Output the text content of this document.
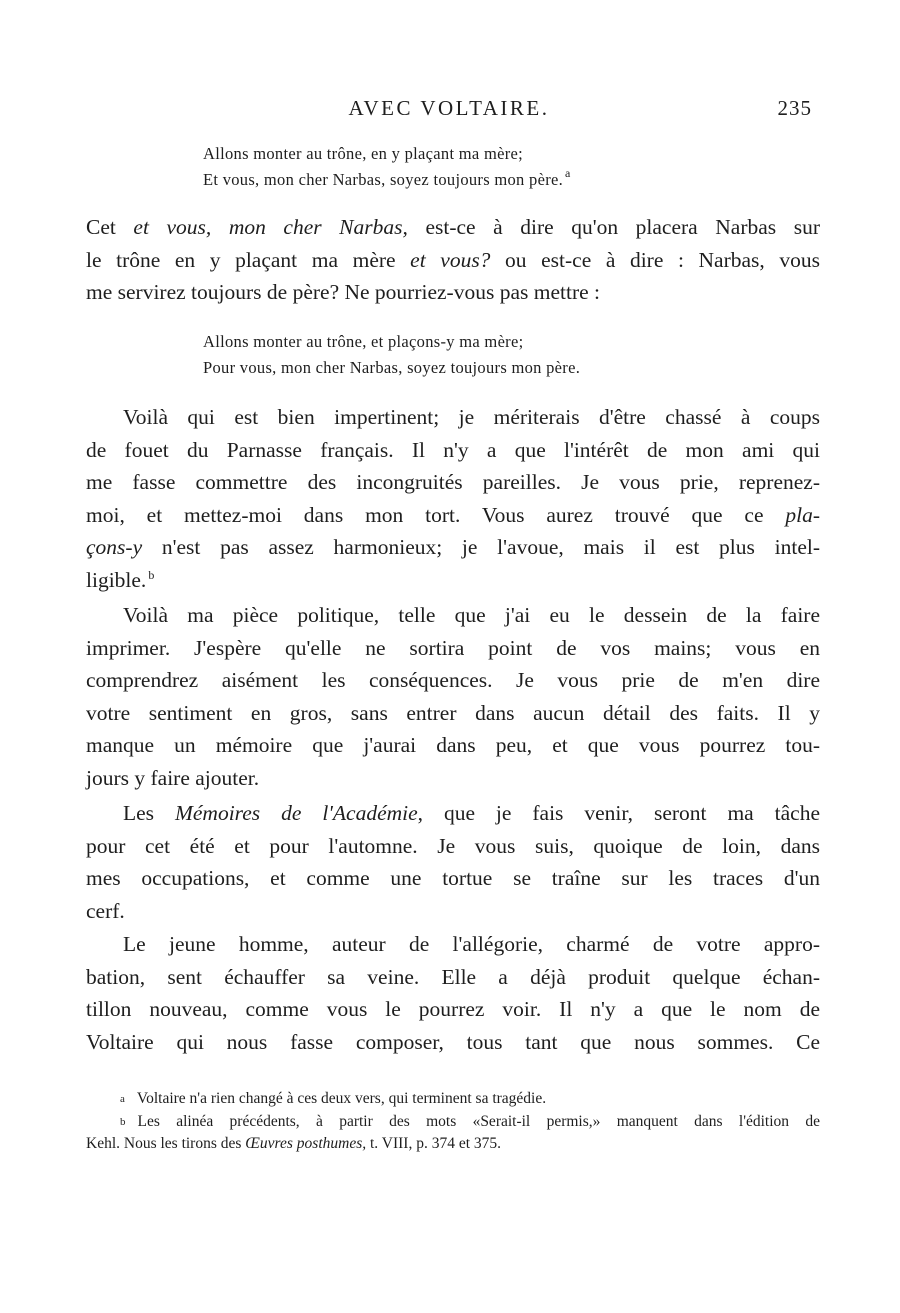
AVEC VOLTAIRE.	235
Allons monter au trône, en y plaçant ma mère;
Et vous, mon cher Narbas, soyez toujours mon père. $^a$
Cet et vous, mon cher Narbas, est-ce à dire qu'on placera Narbas sur
le trône en y plaçant ma mère et vous? ou est-ce à dire : Narbas, vous
me servirez toujours de père? Ne pourriez-vous pas mettre :
Allons monter au trône, et plaçons-y ma mère;
Pour vous, mon cher Narbas, soyez toujours mon père.
Voilà qui est bien impertinent; je mériterais d'être chassé à coups
de fouet du Parnasse français. Il n'y a que l'intérêt de mon ami qui
me fasse commettre des incongruités pareilles. Je vous prie, reprenez-
moi, et mettez-moi dans mon tort. Vous aurez trouvé que ce pla-
çons-y n'est pas assez harmonieux; je l'avoue, mais il est plus intel-
ligible. $^b$
Voilà ma pièce politique, telle que j'ai eu le dessein de la faire
imprimer. J'espère qu'elle ne sortira point de vos mains; vous en
comprendrez aisément les conséquences. Je vous prie de m'en dire
votre sentiment en gros, sans entrer dans aucun détail des faits. Il y
manque un mémoire que j'aurai dans peu, et que vous pourrez tou-
jours y faire ajouter.
Les Mémoires de l'Académie, que je fais venir, seront ma tâche
pour cet été et pour l'automne. Je vous suis, quoique de loin, dans
mes occupations, et comme une tortue se traîne sur les traces d'un
cerf.
Le jeune homme, auteur de l'allégorie, charmé de votre appro-
bation, sent échauffer sa veine. Elle a déjà produit quelque échan-
tillon nouveau, comme vous le pourrez voir. Il n'y a que le nom de
Voltaire qui nous fasse composer, tous tant que nous sommes. Ce
a Voltaire n'a rien changé à ces deux vers, qui terminent sa tragédie.
b Les alinéa précédents, à partir des mots «Serait-il permis,» manquent dans l'édition de
Kehl. Nous les tirons des Œuvres posthumes, t. VIII, p. 374 et 375.
